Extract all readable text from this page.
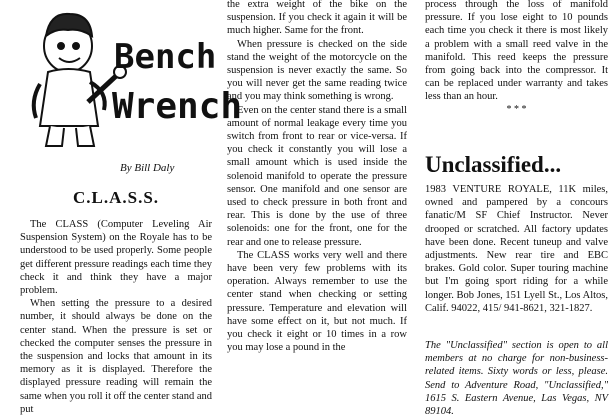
Bench
Wrench
By Bill Daly
C.L.A.S.S.

The CLASS (Computer Leveling Air Suspension System) on the Royale has to be understood to be used properly. Some people get different pressure readings each time they check it and think they have a major problem.

When setting the pressure to a desired number, it should always be done on the center stand. When the pressure is set or checked the computer senses the pressure in the suspension and locks that amount in its memory as it is displayed. Therefore the displayed pressure reading will remain the same when you roll it off the center stand and put

the extra weight of the bike on the suspension. If you check it again it will be much higher. Same for the front.

When pressure is checked on the side stand the weight of the motorcycle on the suspension is never exactly the same. So you will never get the same reading twice and you may think something is wrong.

Even on the center stand there is a small amount of normal leakage every time you switch from front to rear or vice-versa. If you check it constantly you will lose a small amount which is used inside the solenoid manifold to operate the pressure sensor. One manifold and one sensor are used to check pressure in both front and rear. This is done by the use of three solenoids: one for the front, one for the rear and one to release pressure.

The CLASS works very well and there have been very few problems with its operation. Always remember to use the center stand when checking or setting pressure. Temperature and elevation will have some effect on it, but not much. If you check it eight or 10 times in a row you may lose a pound in the

process through the loss of manifold pressure. If you lose eight to 10 pounds each time you check it there is most likely a problem with a small reed valve in the manifold. This reed keeps the pressure from going back into the compressor. It can be replaced under warranty and takes less than an hour.

* * *
Unclassified...

1983 VENTURE ROYALE, 11K miles, owned and pampered by a concours fanatic/M SF Chief Instructor. Never drooped or scratched. All factory updates have been done. Recent tuneup and valve adjustments. New rear tire and EBC brakes. Gold color. Super touring machine but I'm going sport riding for a while longer. Bob Jones, 151 Lyell St., Los Altos, Calif. 94022, 415/ 941-8621, 321-1827.

The "Unclassified" section is open to all members at no charge for non-business-related items. Sixty words or less, please. Send to Adventure Road, "Unclassified," 1615 S. Eastern Avenue, Las Vegas, NV 89104.
